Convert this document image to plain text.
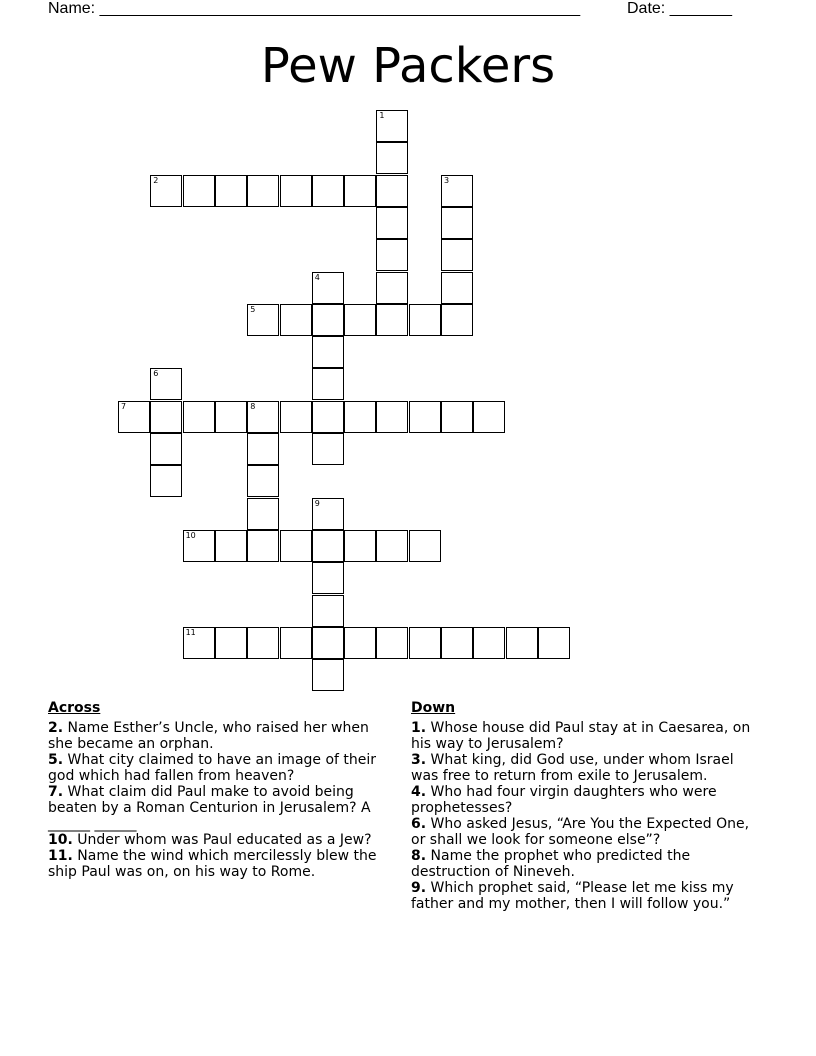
Name: ______________________________________________________	Date: _______
Pew Packers
1
2	3
4
5
6
7	8
9
10
11
Across
2. Name Esther’s Uncle, who raised her when she became an orphan.
5. What city claimed to have an image of their god which had fallen from heaven?
7. What claim did Paul make to avoid being beaten by a Roman Centurion in Jerusalem? A ______ ______
10. Under whom was Paul educated as a Jew?
11. Name the wind which mercilessly blew the ship Paul was on, on his way to Rome.
Down
1. Whose house did Paul stay at in Caesarea, on his way to Jerusalem?
3. What king, did God use, under whom Israel was free to return from exile to Jerusalem.
4. Who had four virgin daughters who were prophetesses?
6. Who asked Jesus, “Are You the Expected One, or shall we look for someone else”?
8. Name the prophet who predicted the destruction of Nineveh.
9. Which prophet said, “Please let me kiss my father and my mother, then I will follow you.”
